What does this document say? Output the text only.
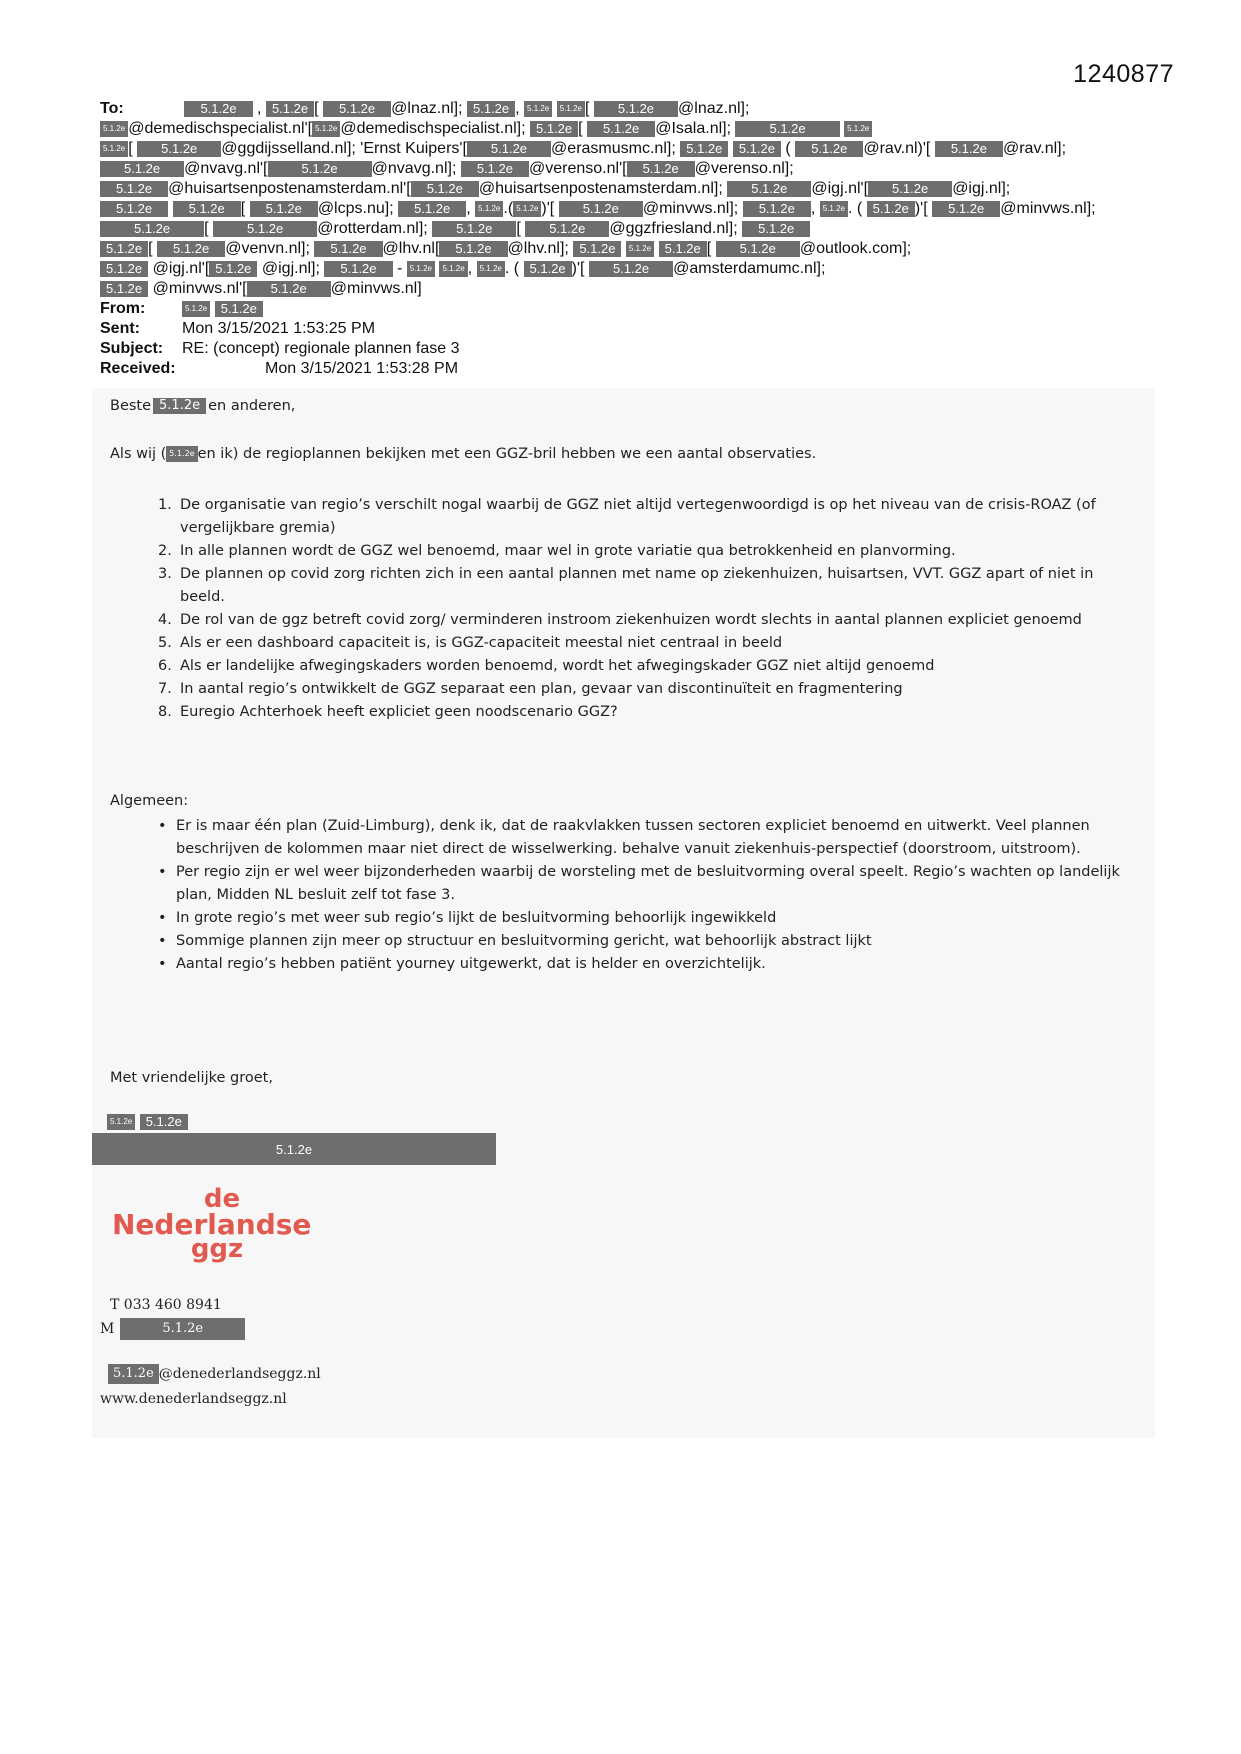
1240877
To:	5.1.2e , 5.1.2e [ 5.1.2e @lnaz.nl]; 5.1.2e , 5.1.2e 5.1.2e [ 5.1.2e @lnaz.nl];
5.1.2e @demedischspecialist.nl'[ 5.1.2e @demedischspecialist.nl]; 5.1.2e [ 5.1.2e @Isala.nl];	5.1.2e	5.1.2e
5.1.2e [ 5.1.2e @ggdijsselland.nl]; 'Ernst Kuipers'[ 5.1.2e @erasmusmc.nl]; 5.1.2e 5.1.2e ( 5.1.2e @rav.nl)'[ 5.1.2e @rav.nl];
5.1.2e @nvavg.nl'[	5.1.2e @nvavg.nl]; 5.1.2e @verenso.nl'[ 5.1.2e @verenso.nl];
5.1.2e @huisartsenpostenamsterdam.nl'[ 5.1.2e @huisartsenpostenamsterdam.nl]; 5.1.2e @igj.nl'[ 5.1.2e @igj.nl];
5.1.2e	5.1.2e [ 5.1.2e @lcps.nu]; 5.1.2e , 5.1.2e .( 5.1.2e )'[ 5.1.2e @minvws.nl]; 5.1.2e , 5.1.2e . ( 5.1.2e )'[ 5.1.2e @minvws.nl];
5.1.2e [	5.1.2e @rotterdam.nl]; 5.1.2e [ 5.1.2e @ggzfriesland.nl]; 5.1.2e
5.1.2e [ 5.1.2e @venvn.nl]; 5.1.2e @lhv.nl[ 5.1.2e @lhv.nl]; 5.1.2e 5.1.2e 5.1.2e [ 5.1.2e @outlook.com];
5.1.2e @igj.nl'[ 5.1.2e @igj.nl]; 5.1.2e - 5.1.2e 5.1.2e , 5.1.2e . ( 5.1.2e )'[ 5.1.2e @amsterdamumc.nl];
5.1.2e @minvws.nl'[ 5.1.2e @minvws.nl]
From:	5.1.2e 5.1.2e
Sent:	Mon 3/15/2021 1:53:25 PM
Subject:	RE: (concept) regionale plannen fase 3
Received:	Mon 3/15/2021 1:53:28 PM
Beste 5.1.2e en anderen,
Als wij ( 5.1.2e en ik) de regioplannen bekijken met een GGZ-bril hebben we een aantal observaties.
1. De organisatie van regio’s verschilt nogal waarbij de GGZ niet altijd vertegenwoordigd is op het niveau van de crisis-ROAZ (of vergelijkbare gremia)
2. In alle plannen wordt de GGZ wel benoemd, maar wel in grote variatie qua betrokkenheid en planvorming.
3. De plannen op covid zorg richten zich in een aantal plannen met name op ziekenhuizen, huisartsen, VVT. GGZ apart of niet in beeld.
4. De rol van de ggz betreft covid zorg/ verminderen instroom ziekenhuizen wordt slechts in aantal plannen expliciet genoemd
5. Als er een dashboard capaciteit is, is GGZ-capaciteit meestal niet centraal in beeld
6. Als er landelijke afwegingskaders worden benoemd, wordt het afwegingskader GGZ niet altijd genoemd
7. In aantal regio’s ontwikkelt de GGZ separaat een plan, gevaar van discontinuïteit en fragmentering
8. Euregio Achterhoek heeft expliciet geen noodscenario GGZ?
Algemeen:
• Er is maar één plan (Zuid-Limburg), denk ik, dat de raakvlakken tussen sectoren expliciet benoemd en uitwerkt. Veel plannen beschrijven de kolommen maar niet direct de wisselwerking. behalve vanuit ziekenhuis-perspectief (doorstroom, uitstroom).
• Per regio zijn er wel weer bijzonderheden waarbij de worsteling met de besluitvorming overal speelt. Regio’s wachten op landelijk plan, Midden NL besluit zelf tot fase 3.
• In grote regio’s met weer sub regio’s lijkt de besluitvorming behoorlijk ingewikkeld
• Sommige plannen zijn meer op structuur en besluitvorming gericht, wat behoorlijk abstract lijkt
• Aantal regio’s hebben patiënt yourney uitgewerkt, dat is helder en overzichtelijk.
Met vriendelijke groet,
5.1.2e 5.1.2e
5.1.2e
de
Nederlandse
ggz
T 033 460 8941
M	5.1.2e
5.1.2e @denederlandseggz.nl
www.denederlandseggz.nl
